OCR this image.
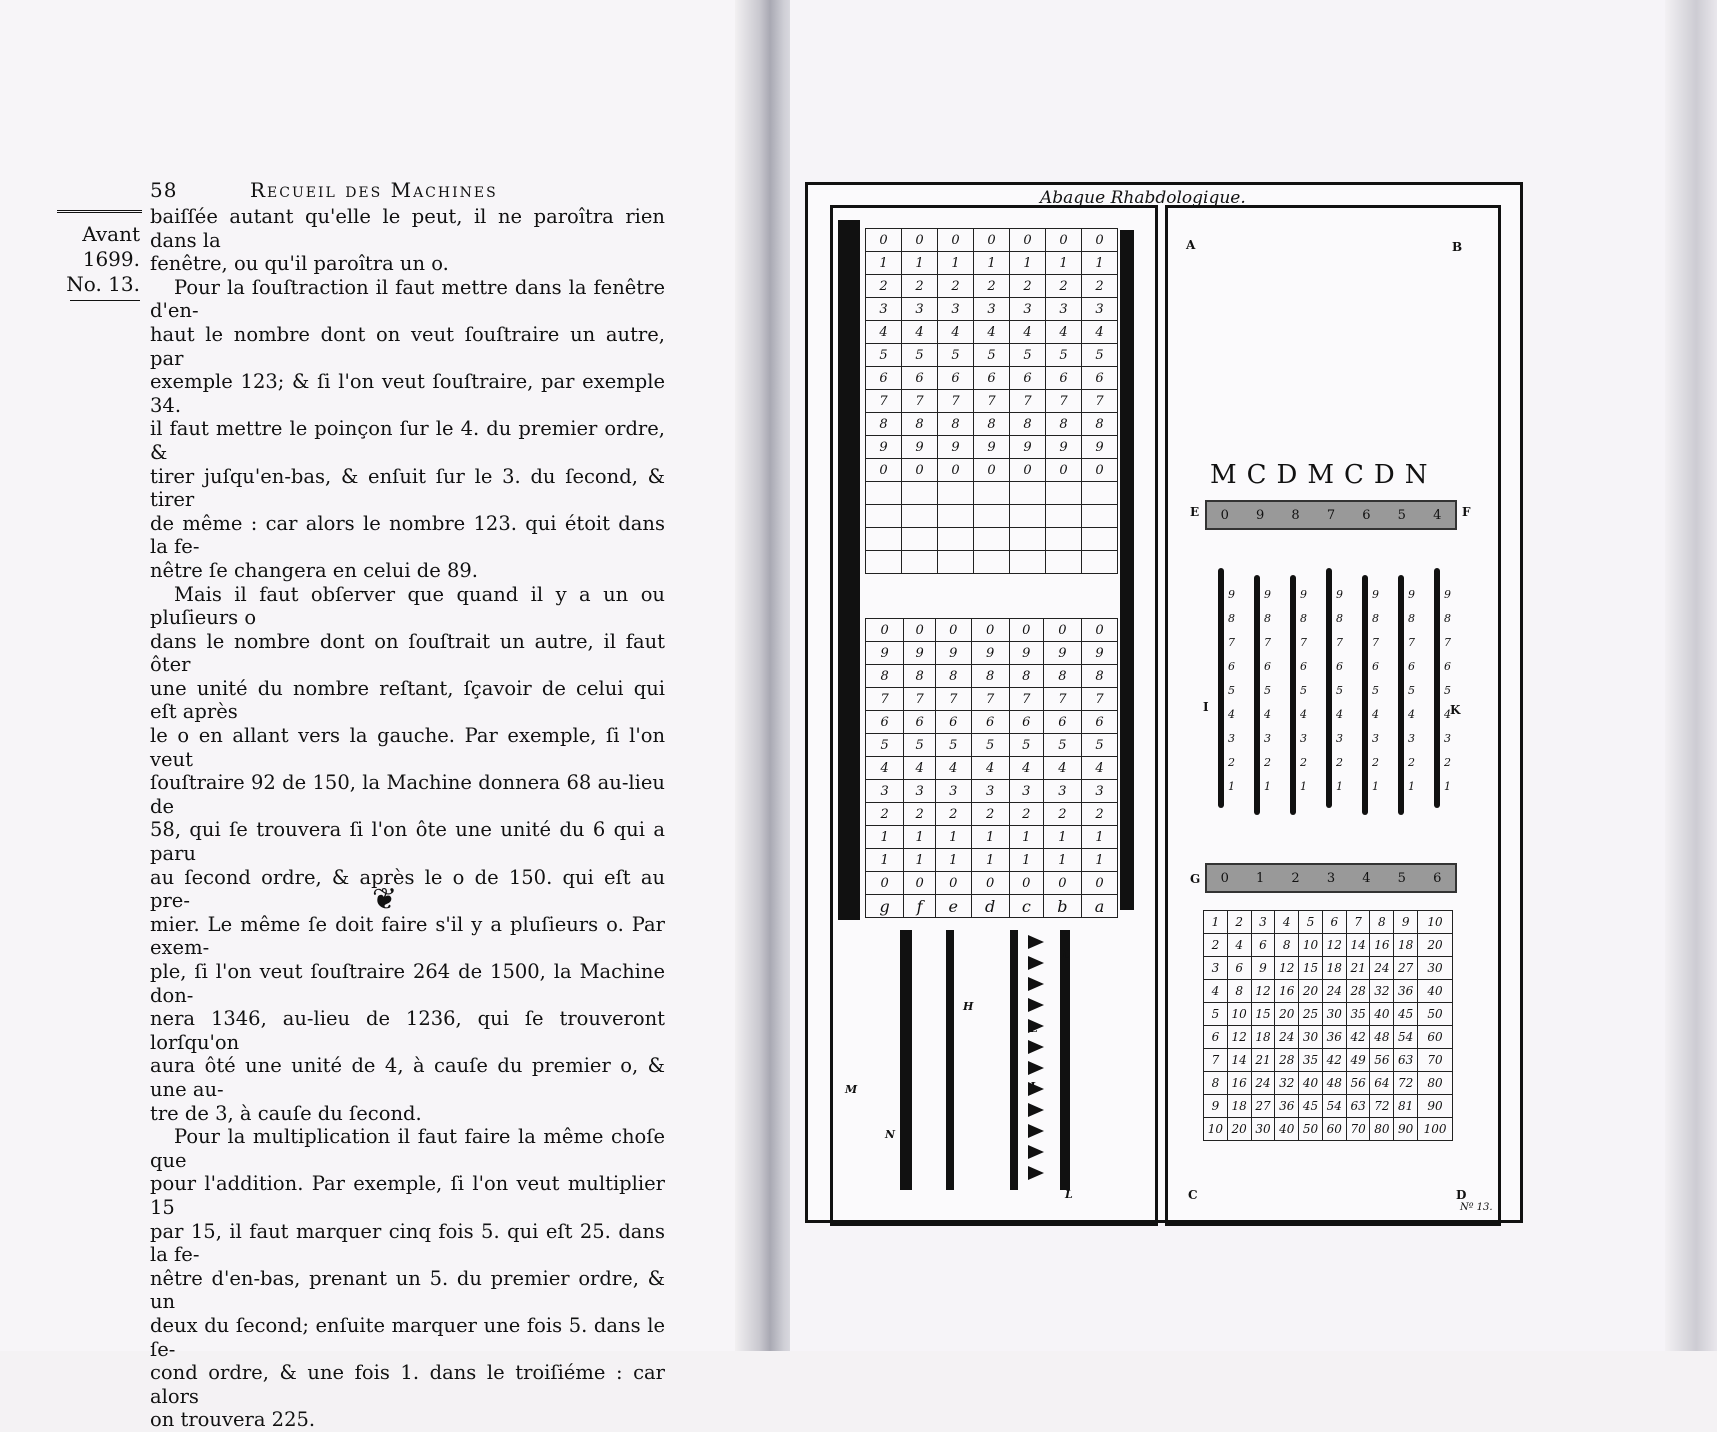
58	Recueil des Machines
Avant
1699.
No. 13.

baiſſée autant qu'elle le peut, il ne paroîtra rien dans la

fenêtre, ou qu'il paroîtra un o.

Pour la ſouſtraction il faut mettre dans la fenêtre d'en-

haut le nombre dont on veut ſouſtraire un autre, par

exemple 123; & ſi l'on veut ſouſtraire, par exemple 34.

il faut mettre le poinçon ſur le 4. du premier ordre, &

tirer juſqu'en-bas, & enſuit ſur le 3. du ſecond, & tirer

de même : car alors le nombre 123. qui étoit dans la fe-

nêtre ſe changera en celui de 89.

Mais il faut obſerver que quand il y a un ou pluſieurs o

dans le nombre dont on ſouſtrait un autre, il faut ôter

une unité du nombre reſtant, ſçavoir de celui qui eſt après

le o en allant vers la gauche. Par exemple, ſi l'on veut

ſouſtraire 92 de 150, la Machine donnera 68 au-lieu de

58, qui ſe trouvera ſi l'on ôte une unité du 6 qui a paru

au ſecond ordre, & après le o de 150. qui eſt au pre-

mier. Le même ſe doit faire s'il y a pluſieurs o. Par exem-

ple, ſi l'on veut ſouſtraire 264 de 1500, la Machine don-

nera 1346, au-lieu de 1236, qui ſe trouveront lorſqu'on

aura ôté une unité de 4, à cauſe du premier o, & une au-

tre de 3, à cauſe du ſecond.

Pour la multiplication il faut faire la même choſe que

pour l'addition. Par exemple, ſi l'on veut multiplier 15

par 15, il faut marquer cinq fois 5. qui eſt 25. dans la fe-

nêtre d'en-bas, prenant un 5. du premier ordre, & un

deux du ſecond; enſuite marquer une fois 5. dans le ſe-

cond ordre, & une fois 1. dans le troiſiéme : car alors

on trouvera 225.

❦
Abaque Rhabdologique.
0	0	0	0	0	0	0
1	1	1	1	1	1	1
2	2	2	2	2	2	2
3	3	3	3	3	3	3
4	4	4	4	4	4	4
5	5	5	5	5	5	5
6	6	6	6	6	6	6
7	7	7	7	7	7	7
8	8	8	8	8	8	8
9	9	9	9	9	9	9
0	0	0	0	0	0	0

0	0	0	0	0	0	0
9	9	9	9	9	9	9
8	8	8	8	8	8	8
7	7	7	7	7	7	7
6	6	6	6	6	6	6
5	5	5	5	5	5	5
4	4	4	4	4	4	4
3	3	3	3	3	3	3
2	2	2	2	2	2	2
1	1	1	1	1	1	1
1	1	1	1	1	1	1
0	0	0	0	0	0	0
g	f	e	d	c	b	a
M
N
H
L
L
L
L
A	B
C	D
E	F
G
I	K
MCDMCDN
0 9 8 7 6 5 4
0 1 2 3 4 5 6
9
8
7
6
5
4
3
2
1
9
8
7
6
5
4
3
2
1
9
8
7
6
5
4
3
2
1
9
8
7
6
5
4
3
2
1
9
8
7
6
5
4
3
2
1
9
8
7
6
5
4
3
2
1
9
8
7
6
5
4
3
2
1
1	2	3	4	5	6	7	8	9	10
2	4	6	8	10	12	14	16	18	20
3	6	9	12	15	18	21	24	27	30
4	8	12	16	20	24	28	32	36	40
5	10	15	20	25	30	35	40	45	50
6	12	18	24	30	36	42	48	54	60
7	14	21	28	35	42	49	56	63	70
8	16	24	32	40	48	56	64	72	80
9	18	27	36	45	54	63	72	81	90
10	20	30	40	50	60	70	80	90	100
Nº 13.
